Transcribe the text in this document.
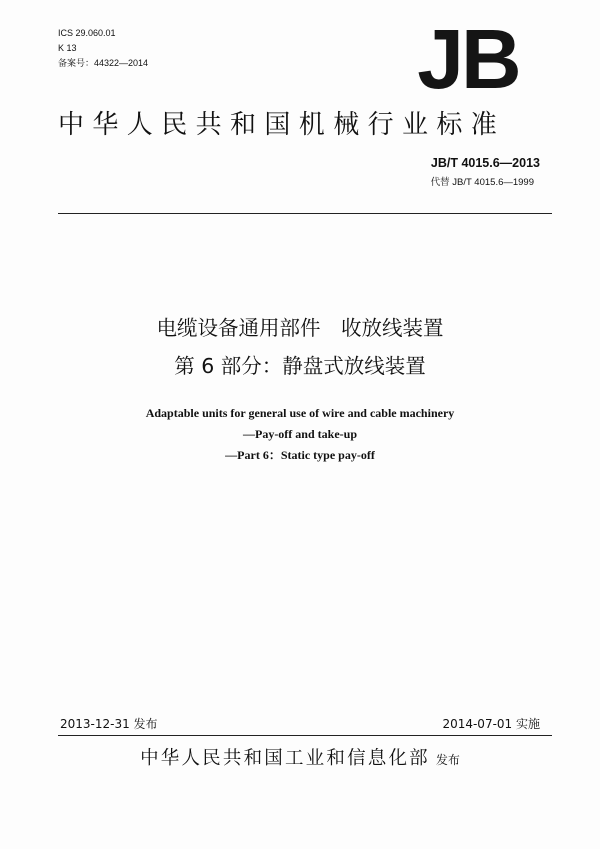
ICS 29.060.01
K 13
备案号：44322—2014	JB
中华人民共和国机械行业标准
JB/T 4015.6—2013
代替 JB/T 4015.6—1999
电缆设备通用部件　收放线装置
第 6 部分：静盘式放线装置
Adaptable units for general use of wire and cable machinery
—Pay-off and take-up
—Part 6：Static type pay-off
2013-12-31 发布	2014-07-01 实施
中华人民共和国工业和信息化部 发布
